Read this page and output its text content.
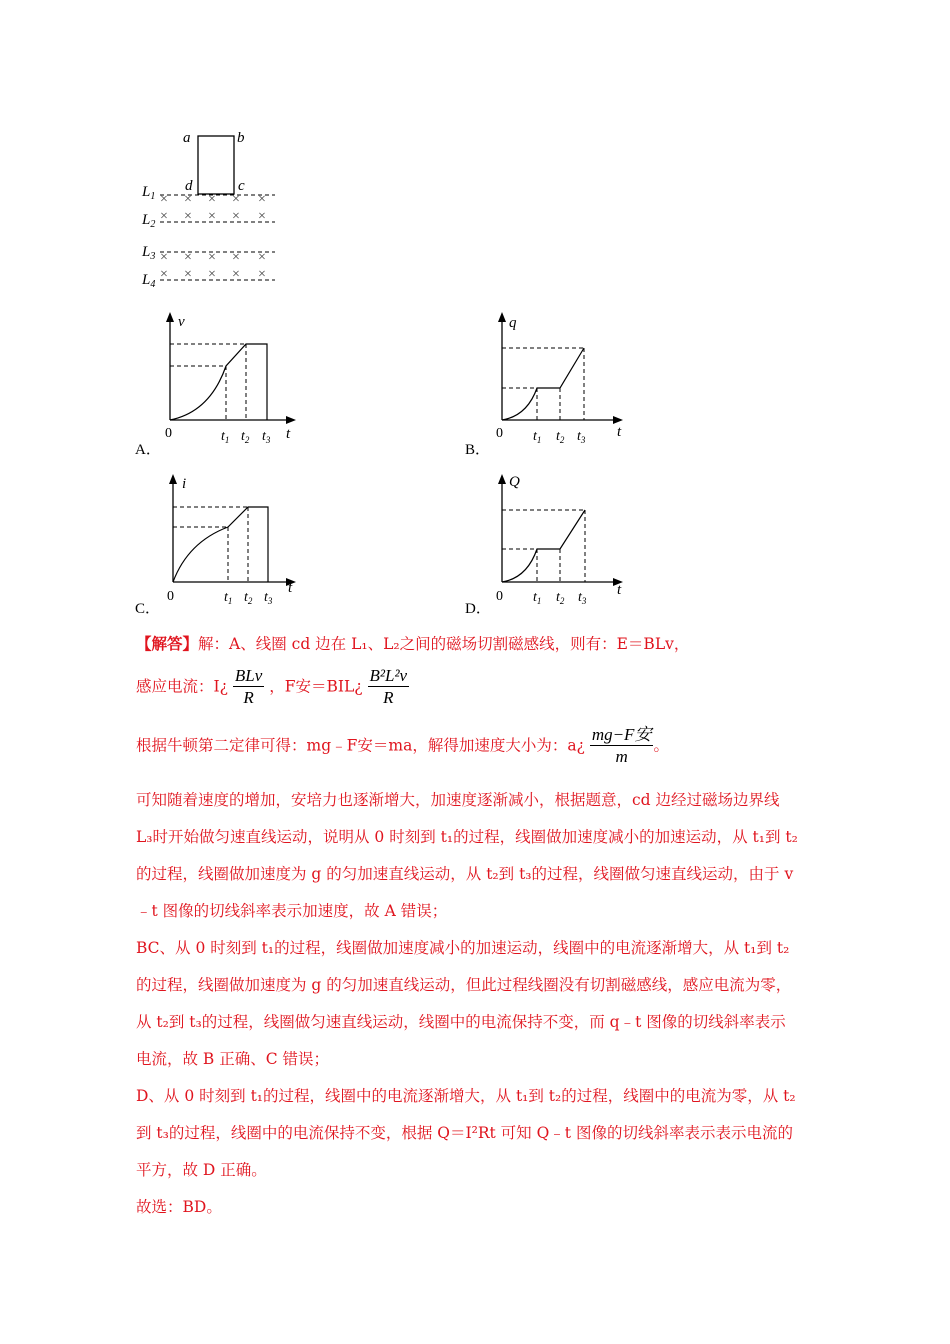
a	b
d	c
$L_1$
$L_2$
$L_3$
$L_4$
× × × × ×
× × × × ×
× × × × ×
× × × × ×
v
0	$t_1$ $t_2$ $t_3$ t
A．
q
0 $t_1$ $t_2$ $t_3$ t
B．
i
0	$t_1$ $t_2$ $t_3$
t
C．
Q
0 $t_1$ $t_2$ $t_3$
t
D．
【解答】解：A、线圈 cd 边在 L₁、L₂之间的磁场切割磁感线，则有：E＝BLv，
感应电流：I¿ $\frac{\text{BLv}}{R}$ ，F安＝BIL¿ $\frac{\text{B²L²v}}{R}$
根据牛顿第二定律可得：mg﹣F安＝ma，解得加速度大小为：a¿ $\frac{\text{mg−F安}}{m}$ 。
可知随着速度的增加，安培力也逐渐增大，加速度逐渐减小，根据题意，cd 边经过磁场边界线
L₃时开始做匀速直线运动，说明从 0 时刻到 t₁的过程，线圈做加速度减小的加速运动，从 t₁到 t₂
的过程，线圈做加速度为 g 的匀加速直线运动，从 t₂到 t₃的过程，线圈做匀速直线运动，由于 v
﹣t 图像的切线斜率表示加速度，故 A 错误；
BC、从 0 时刻到 t₁的过程，线圈做加速度减小的加速运动，线圈中的电流逐渐增大，从 t₁到 t₂
的过程，线圈做加速度为 g 的匀加速直线运动，但此过程线圈没有切割磁感线，感应电流为零，
从 t₂到 t₃的过程，线圈做匀速直线运动，线圈中的电流保持不变，而 q﹣t 图像的切线斜率表示
电流，故 B 正确、C 错误；
D、从 0 时刻到 t₁的过程，线圈中的电流逐渐增大，从 t₁到 t₂的过程，线圈中的电流为零，从 t₂
到 t₃的过程，线圈中的电流保持不变，根据 Q＝I²Rt 可知 Q﹣t 图像的切线斜率表示表示电流的
平方，故 D 正确。
故选：BD。
